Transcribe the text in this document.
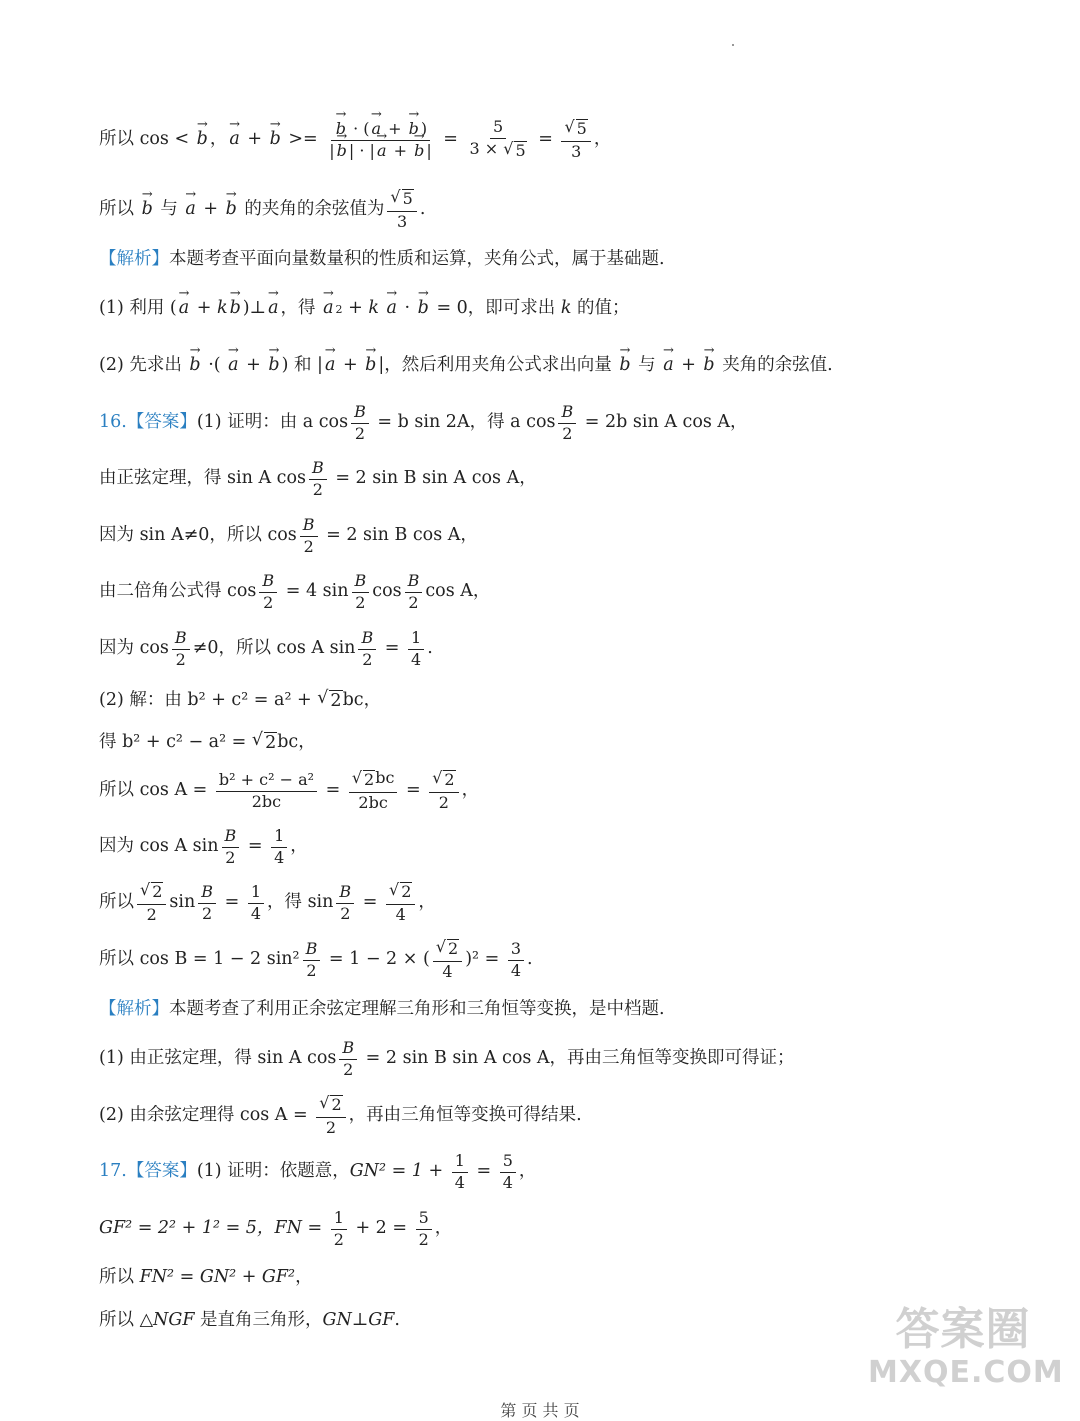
所以 cos < → b ， → a + → b >= → $\frac{b \cdot ( \to a + \to b )}{| \to b | \cdot | \to a + \to b |} = \frac{5}{3 \times √ 5} = \frac{√ 5}{3}$ ，
所以 → b 与 → a + → b 的夹角的余弦值为 $\frac{√ 5}{3}$ .
【解析】 本题考查平面向量数量积的性质和运算，夹角公式，属于基础题.
(1) 利用 ( → a + k → b )⊥ → a ，得 → a 2 + k
→ a · → b = 0，即可求出 k 的值；
(2) 先求出 → b ·( → a + → b ) 和 | → a + → b |，然后利用夹角公式求出向量 → b 与 → a + → b 夹角的余弦值.
16. 【答案】 (1) 证明：由 a $\cos \frac{B}{2} = b$ sin 2A，得 a $\cos \frac{B}{2} = 2b$ sin A cos A，
由正弦定理，得 sin A $\cos \frac{B}{2} = 2$ sin B sin A cos A，
因为 sin A≠0，所以 $\cos \frac{B}{2} = 2$ sin B cos A，
由二倍角公式得 $\cos \frac{B}{2} = 4$ $\sin \frac{B}{2}$ $\cos \frac{B}{2}$ cos A，
因为 $\cos \frac{B}{2} \ne 0$，所以 cos A $\sin \frac{B}{2} = \frac{1}{4}$ .
(2) 解：由 b² + c² = a² + √ 2 bc，
得 b² + c² − a² = √ 2 bc，
所以 $\cos A = \frac{\text{b² + c² − a²}}{2bc} = \frac{√ 2 bc}{2bc} = \frac{√ 2}{2}$ ，
因为 cos A $\sin \frac{B}{2} = \frac{1}{4}$ ，
所以 $\frac{√ 2}{2}$ $\sin \frac{B}{2} = \frac{1}{4}$ ，得 $\sin \frac{B}{2} = \frac{√ 2}{4}$ ，
所以 cos B = 1 − 2 $\sin^2 \frac{B}{2} = 1 - 2$ × ( $\frac{√ 2}{4} )^2 = \frac{3}{4}$ .
【解析】 本题考查了利用正余弦定理解三角形和三角恒等变换，是中档题.
(1) 由正弦定理，得 sin A $\cos \frac{B}{2} = 2$ sin B sin A cos A，再由三角恒等变换即可得证；
(2) 由余弦定理得 $\cos A = \frac{√ 2}{2}$ ，再由三角恒等变换可得结果.
17. 【答案】 (1) 证明：依题意， $GN^2 = 1 + \frac{1}{4} = \frac{5}{4}$ ，
GF² = 2² + 1² = 5， FN = $\frac{1}{2} + 2 = \frac{5}{2}$ ，
所以 FN² = GN² + GF² ，
所以 △NGF 是直角三角形， GN⊥GF .	答案圈
MXQE.COM
第 页 共 页
